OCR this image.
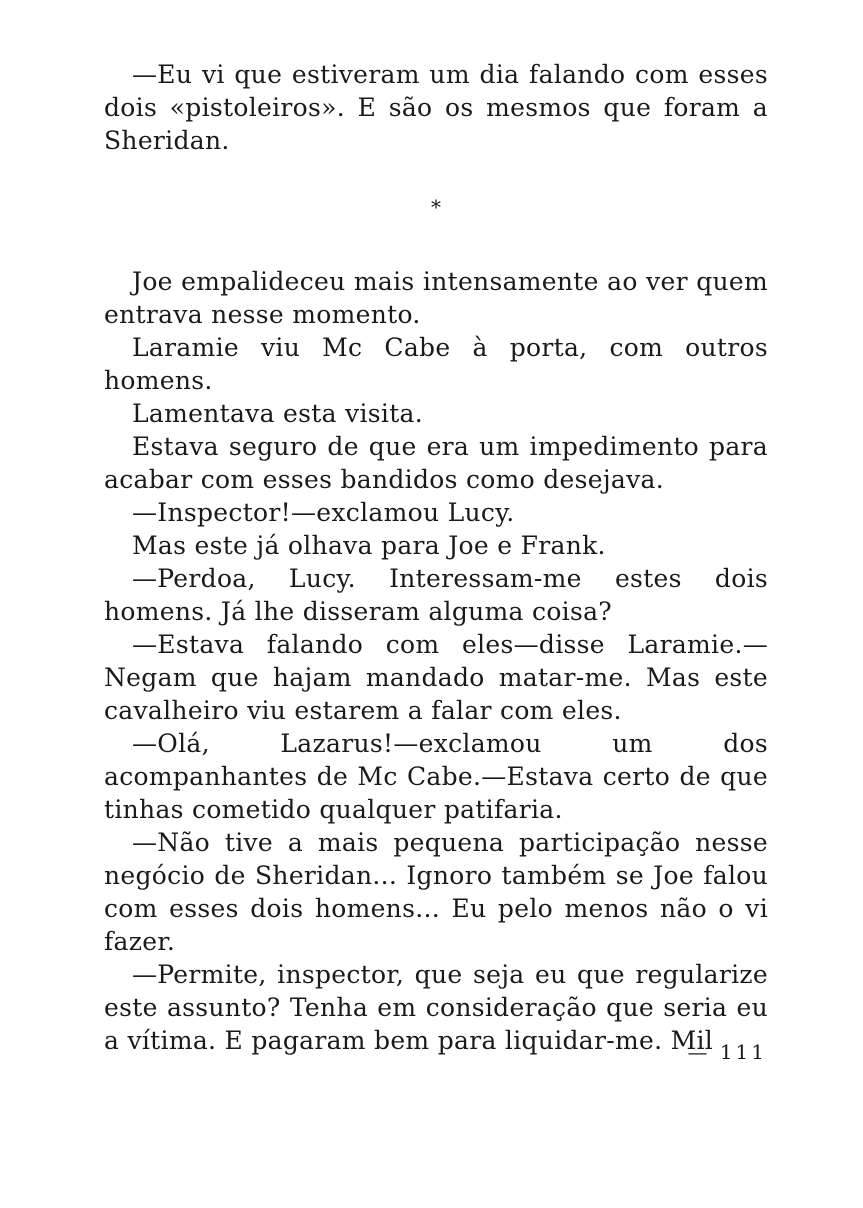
—Eu vi que estiveram um dia falando com esses dois «pistoleiros». E são os mesmos que foram a Sheridan.

*

Joe empalideceu mais intensamente ao ver quem entrava nesse momento.

Laramie viu Mc Cabe à porta, com outros homens.

Lamentava esta visita.

Estava seguro de que era um impedimento para acabar com esses bandidos como desejava.

—Inspector!—exclamou Lucy.

Mas este já olhava para Joe e Frank.

—Perdoa, Lucy. Interessam-me estes dois homens. Já lhe disseram alguma coisa?

—Estava falando com eles—disse Laramie.— Negam que hajam mandado matar-me. Mas este cavalheiro viu estarem a falar com eles.

—Olá, Lazarus!—exclamou um dos acompanhantes de Mc Cabe.—Estava certo de que tinhas cometido qualquer patifaria.

—Não tive a mais pequena participação nesse negócio de Sheridan... Ignoro também se Joe falou com esses dois homens... Eu pelo menos não o vi fazer.

—Permite, inspector, que seja eu que regularize este assunto? Tenha em consideração que seria eu a vítima. E pagaram bem para liquidar-me. Mil

— 111
